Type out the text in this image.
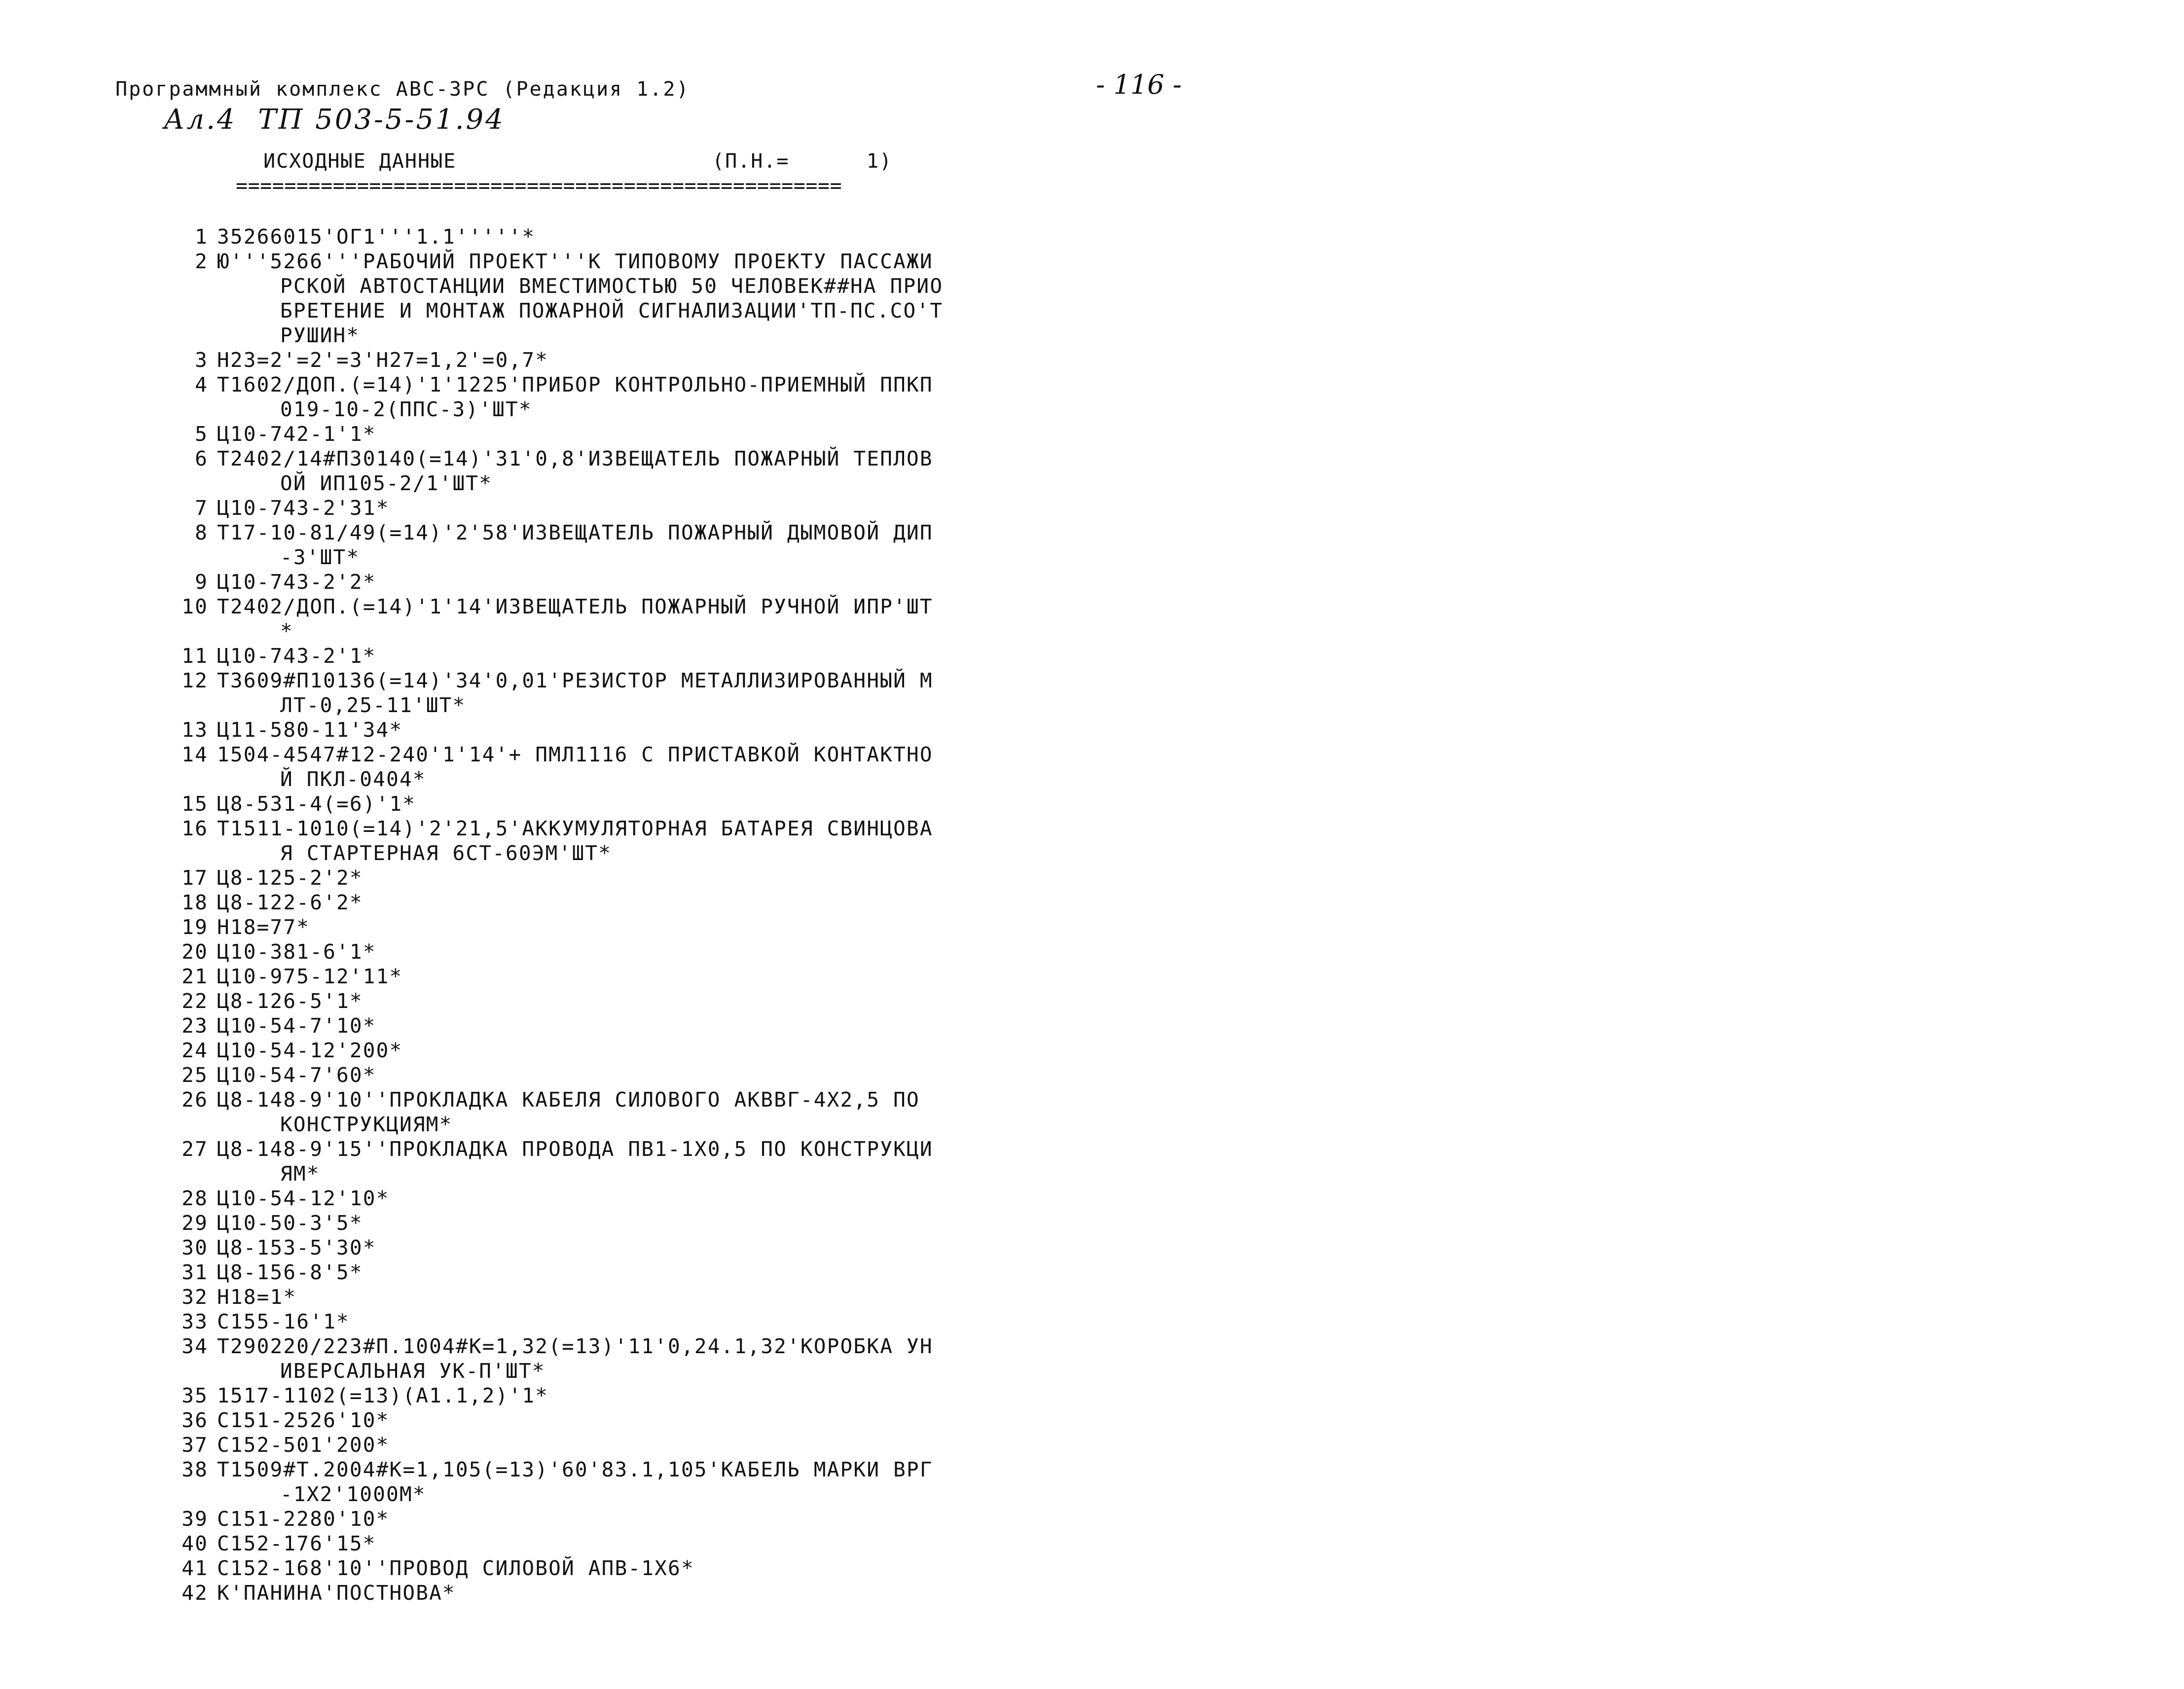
Программный комплекс АВС-3РС (Редакция 1.2)
Ал.4  ТП 503-5-51.94
- 116 -
ИСХОДНЫЕ ДАННЫЕ	(П.Н.=      1)
==================================================
1 35266015'ОГ1'''1.1'''''*
2 Ю'''5266'''РАБОЧИЙ ПРОЕКТ'''К ТИПОВОМУ ПРОЕКТУ ПАССАЖИ
РСКОЙ АВТОСТАНЦИИ ВМЕСТИМОСТЬЮ 50 ЧЕЛОВЕК##НА ПРИО
БРЕТЕНИЕ И МОНТАЖ ПОЖАРНОЙ СИГНАЛИЗАЦИИ'ТП-ПС.СО'Т
РУШИН*
3 Н23=2'=2'=3'Н27=1,2'=0,7*
4 Т1602/ДОП.(=14)'1'1225'ПРИБОР КОНТРОЛЬНО-ПРИЕМНЫЙ ППКП
019-10-2(ППС-3)'ШТ*
5 Ц10-742-1'1*
6 Т2402/14#П30140(=14)'31'0,8'ИЗВЕЩАТЕЛЬ ПОЖАРНЫЙ ТЕПЛОВ
ОЙ ИП105-2/1'ШТ*
7 Ц10-743-2'31*
8 Т17-10-81/49(=14)'2'58'ИЗВЕЩАТЕЛЬ ПОЖАРНЫЙ ДЫМОВОЙ ДИП
-3'ШТ*
9 Ц10-743-2'2*
10 Т2402/ДОП.(=14)'1'14'ИЗВЕЩАТЕЛЬ ПОЖАРНЫЙ РУЧНОЙ ИПР'ШТ
*
11 Ц10-743-2'1*
12 Т3609#П10136(=14)'34'0,01'РЕЗИСТОР МЕТАЛЛИЗИРОВАННЫЙ М
ЛТ-0,25-11'ШТ*
13 Ц11-580-11'34*
14 1504-4547#12-240'1'14'+ ПМЛ1116 С ПРИСТАВКОЙ КОНТАКТНО
Й ПКЛ-0404*
15 Ц8-531-4(=6)'1*
16 Т1511-1010(=14)'2'21,5'АККУМУЛЯТОРНАЯ БАТАРЕЯ СВИНЦОВА
Я СТАРТЕРНАЯ 6СТ-60ЭМ'ШТ*
17 Ц8-125-2'2*
18 Ц8-122-6'2*
19 Н18=77*
20 Ц10-381-6'1*
21 Ц10-975-12'11*
22 Ц8-126-5'1*
23 Ц10-54-7'10*
24 Ц10-54-12'200*
25 Ц10-54-7'60*
26 Ц8-148-9'10''ПРОКЛАДКА КАБЕЛЯ СИЛОВОГО АКВВГ-4Х2,5 ПО
КОНСТРУКЦИЯМ*
27 Ц8-148-9'15''ПРОКЛАДКА ПРОВОДА ПВ1-1Х0,5 ПО КОНСТРУКЦИ
ЯМ*
28 Ц10-54-12'10*
29 Ц10-50-3'5*
30 Ц8-153-5'30*
31 Ц8-156-8'5*
32 Н18=1*
33 С155-16'1*
34 Т290220/223#П.1004#К=1,32(=13)'11'0,24.1,32'КОРОБКА УН
ИВЕРСАЛЬНАЯ УК-П'ШТ*
35 1517-1102(=13)(А1.1,2)'1*
36 С151-2526'10*
37 С152-501'200*
38 Т1509#Т.2004#К=1,105(=13)'60'83.1,105'КАБЕЛЬ МАРКИ ВРГ
-1Х2'1000М*
39 С151-2280'10*
40 С152-176'15*
41 С152-168'10''ПРОВОД СИЛОВОЙ АПВ-1Х6*
42 К'ПАНИНА'ПОСТНОВА*
